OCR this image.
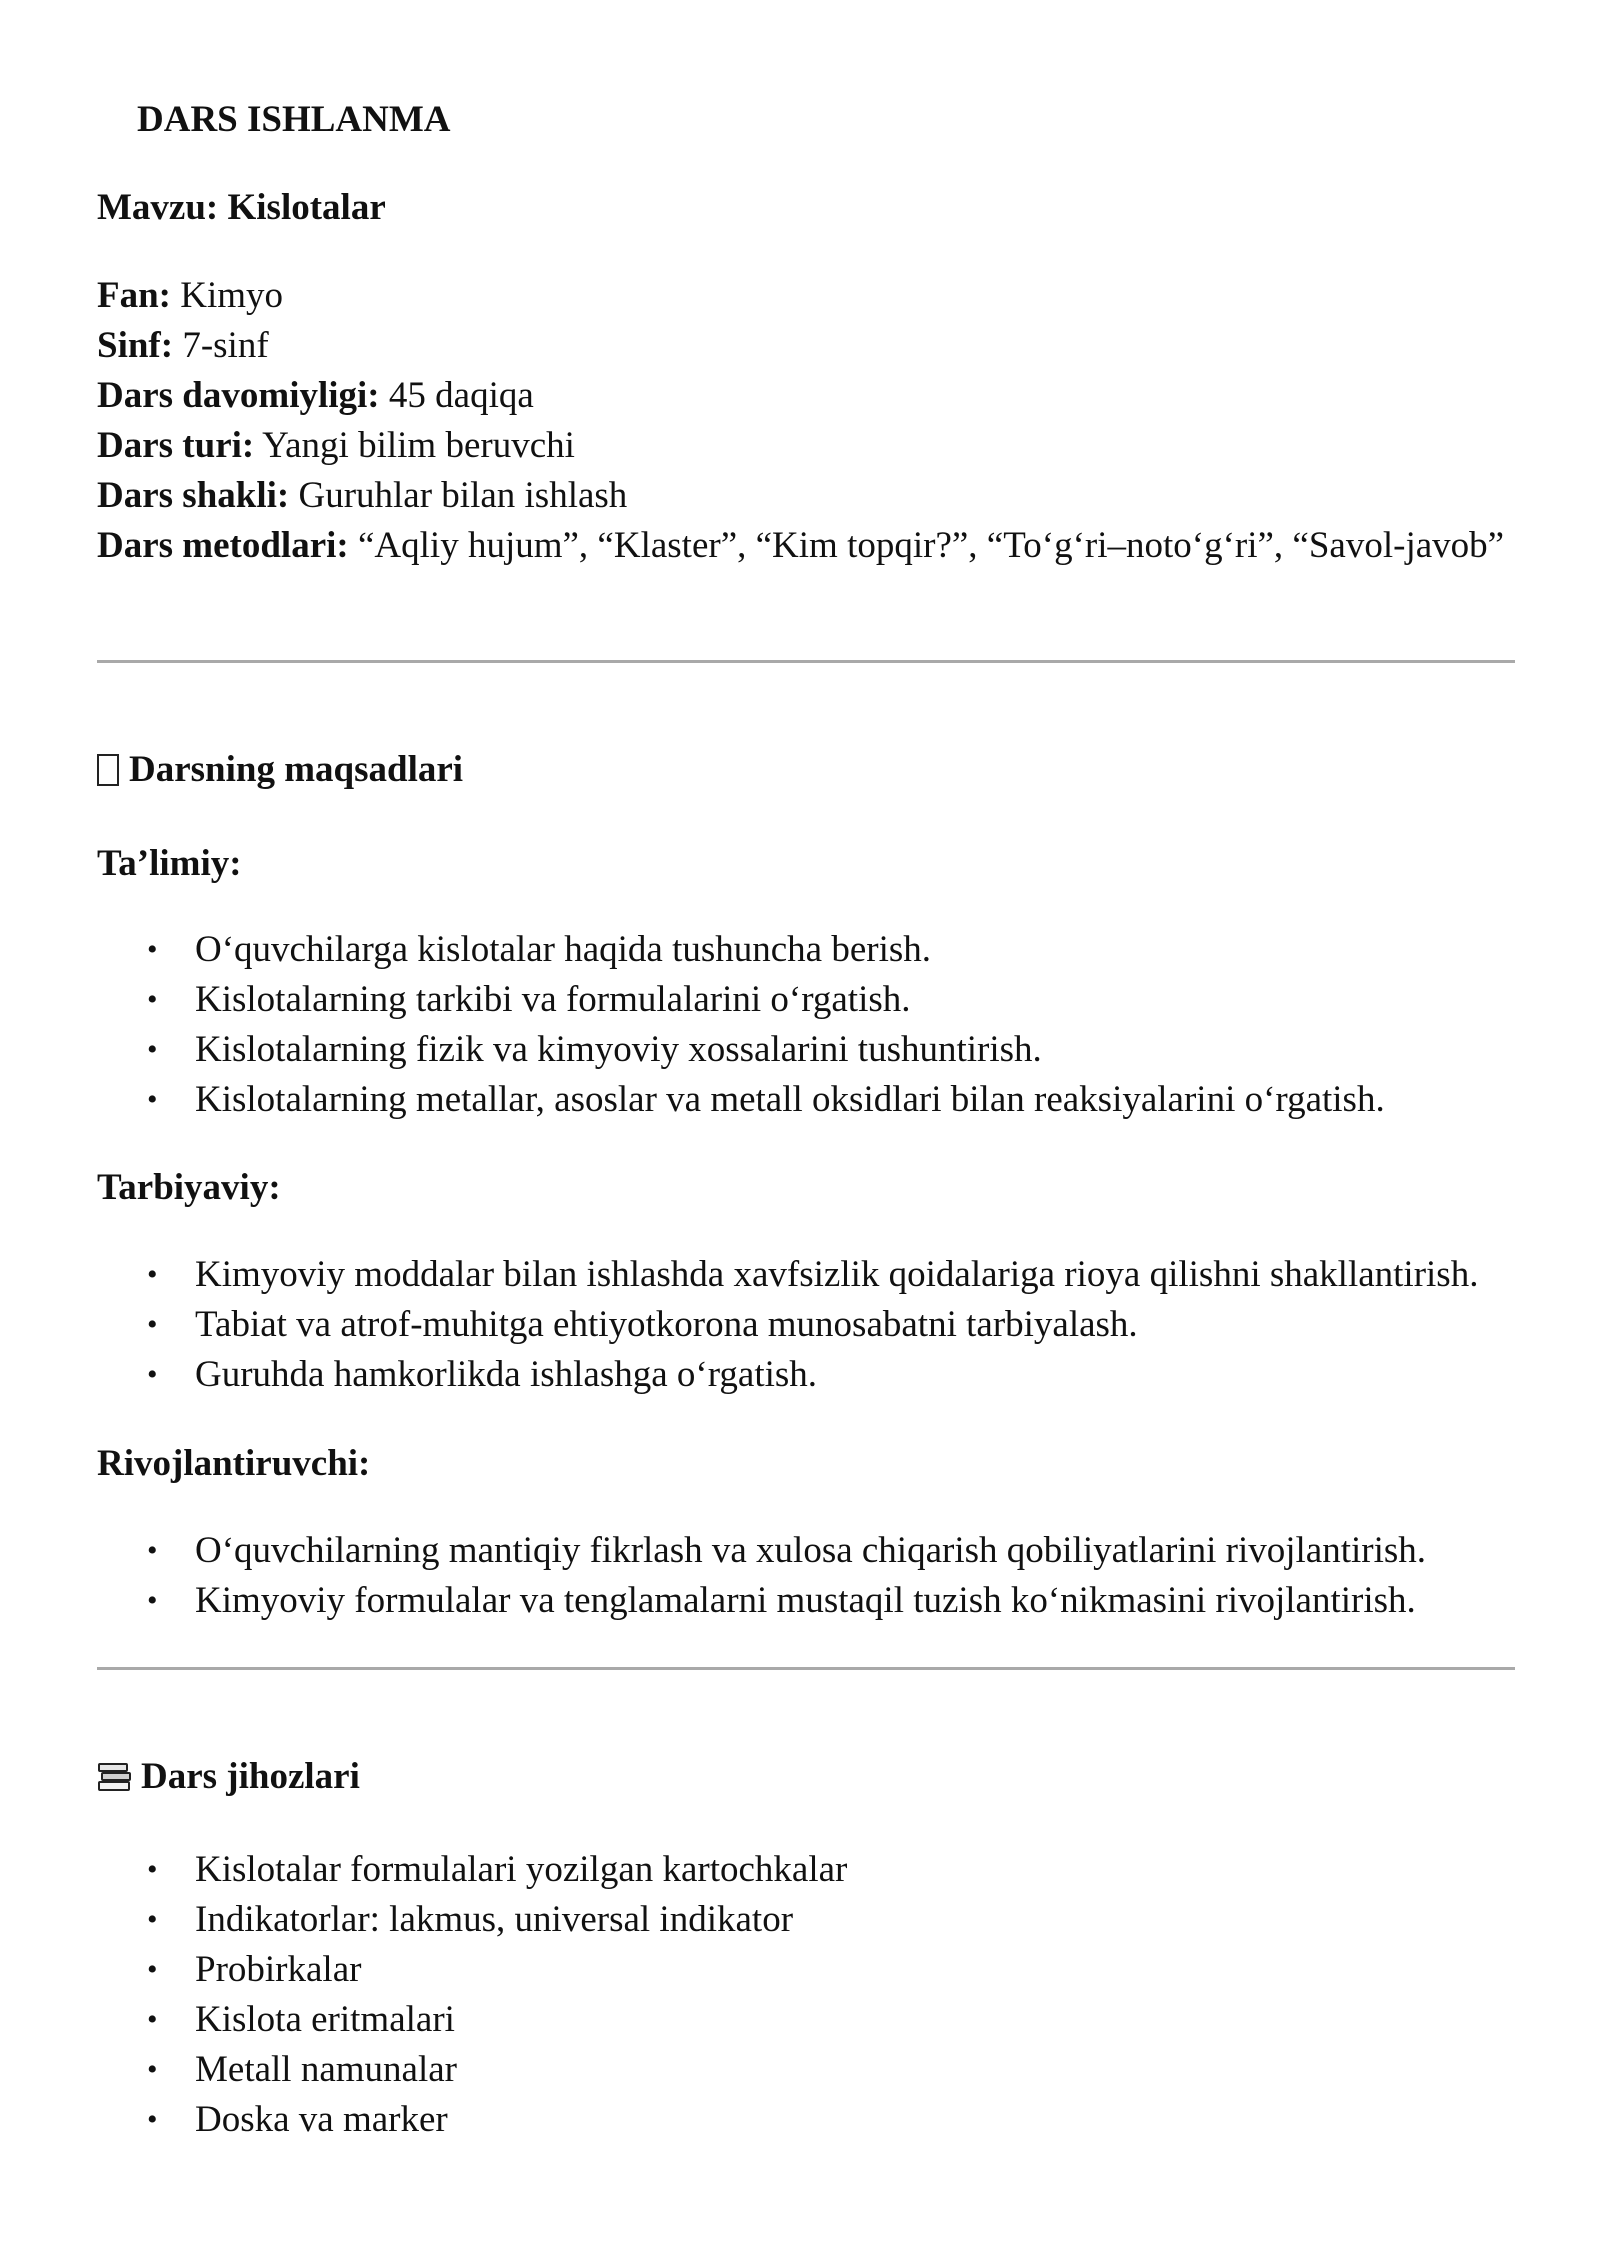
DARS ISHLANMA

Mavzu: Kislotalar

Fan: Kimyo
Sinf: 7-sinf
Dars davomiyligi: 45 daqiqa
Dars turi: Yangi bilim beruvchi
Dars shakli: Guruhlar bilan ishlash
Dars metodlari: “Aqliy hujum”, “Klaster”, “Kim topqir?”, “To‘g‘ri–noto‘g‘ri”, “Savol-javob”
Darsning maqsadlari
Ta’limiy:
• O‘quvchilarga kislotalar haqida tushuncha berish.
• Kislotalarning tarkibi va formulalarini o‘rgatish.
• Kislotalarning fizik va kimyoviy xossalarini tushuntirish.
• Kislotalarning metallar, asoslar va metall oksidlari bilan reaksiyalarini o‘rgatish.
Tarbiyaviy:
• Kimyoviy moddalar bilan ishlashda xavfsizlik qoidalariga rioya qilishni shakllantirish.
• Tabiat va atrof-muhitga ehtiyotkorona munosabatni tarbiyalash.
• Guruhda hamkorlikda ishlashga o‘rgatish.
Rivojlantiruvchi:
• O‘quvchilarning mantiqiy fikrlash va xulosa chiqarish qobiliyatlarini rivojlantirish.
• Kimyoviy formulalar va tenglamalarni mustaqil tuzish ko‘nikmasini rivojlantirish.
Dars jihozlari
• Kislotalar formulalari yozilgan kartochkalar
• Indikatorlar: lakmus, universal indikator
• Probirkalar
• Kislota eritmalari
• Metall namunalar
• Doska va marker
